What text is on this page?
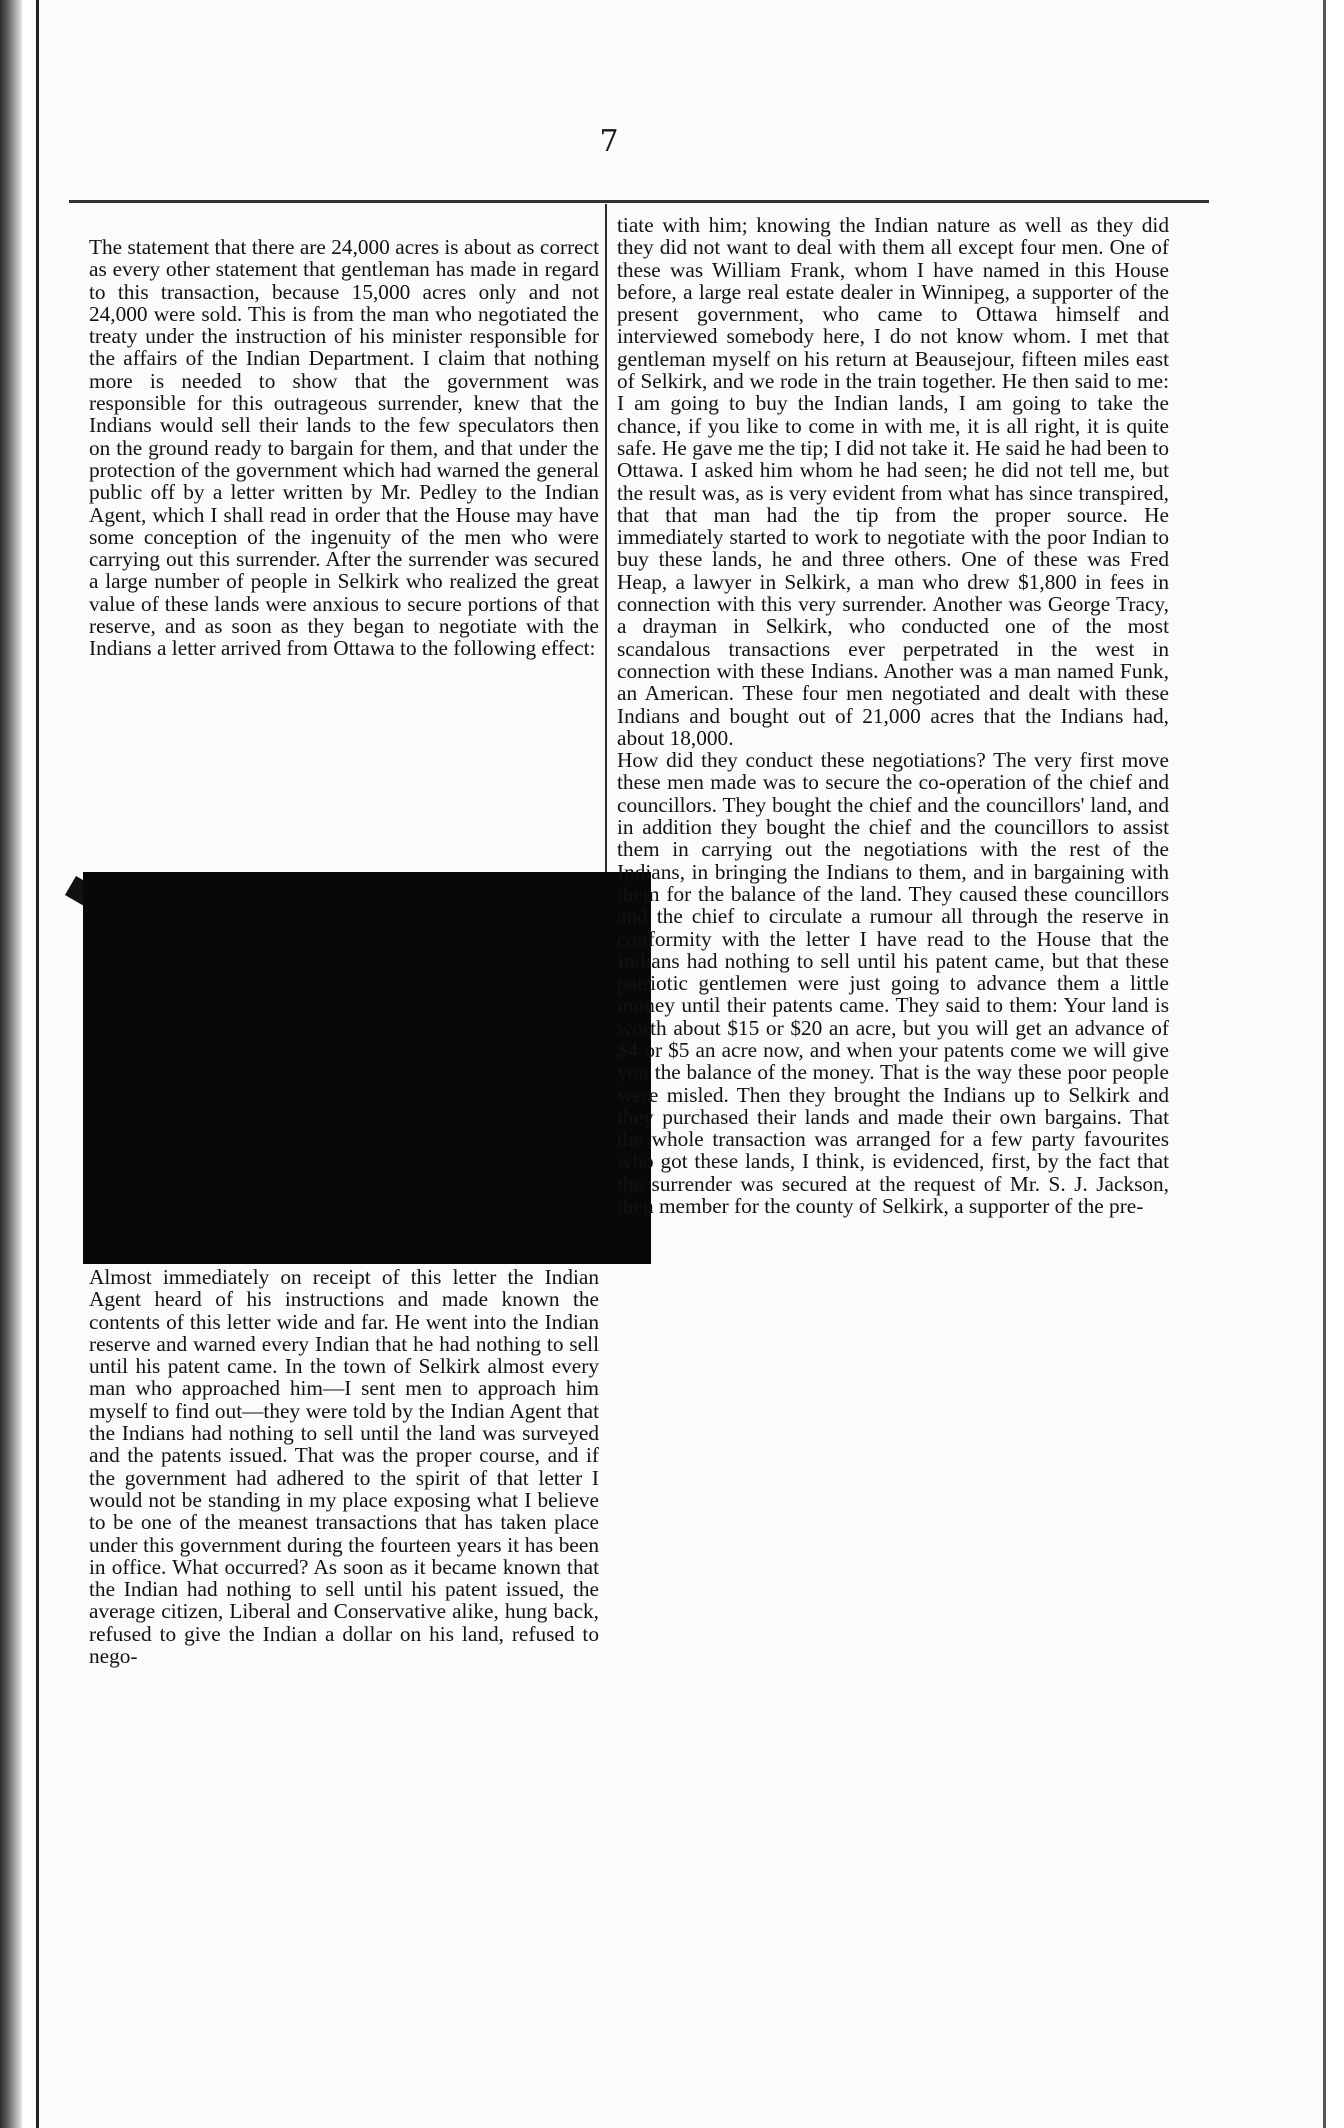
7
The statement that there are 24,000 acres is about as correct as every other statement that gentleman has made in regard to this transaction, because 15,000 acres only and not 24,000 were sold. This is from the man who negotiated the treaty under the instruction of his minister responsible for the affairs of the Indian Department. I claim that nothing more is needed to show that the government was responsible for this outrageous surrender, knew that the Indians would sell their lands to the few speculators then on the ground ready to bargain for them, and that under the protection of the government which had warned the general public off by a letter written by Mr. Pedley to the Indian Agent, which I shall read in order that the House may have some conception of the ingenuity of the men who were carrying out this surrender. After the surrender was secured a large number of people in Selkirk who realized the great value of these lands were anxious to secure portions of that reserve, and as soon as they began to negotiate with the Indians a letter arrived from Ottawa to the following effect:
Almost immediately on receipt of this letter the Indian Agent heard of his instructions and made known the contents of this letter wide and far. He went into the Indian reserve and warned every Indian that he had nothing to sell until his patent came. In the town of Selkirk almost every man who approached him—I sent men to approach him myself to find out—they were told by the Indian Agent that the Indians had nothing to sell until the land was surveyed and the patents issued. That was the proper course, and if the government had adhered to the spirit of that letter I would not be standing in my place exposing what I believe to be one of the meanest transactions that has taken place under this government during the fourteen years it has been in office. What occurred? As soon as it became known that the Indian had nothing to sell until his patent issued, the average citizen, Liberal and Conservative alike, hung back, refused to give the Indian a dollar on his land, refused to nego-
tiate with him; knowing the Indian nature as well as they did they did not want to deal with them all except four men. One of these was William Frank, whom I have named in this House before, a large real estate dealer in Winnipeg, a supporter of the present government, who came to Ottawa himself and interviewed somebody here, I do not know whom. I met that gentleman myself on his return at Beausejour, fifteen miles east of Selkirk, and we rode in the train together. He then said to me: I am going to buy the Indian lands, I am going to take the chance, if you like to come in with me, it is all right, it is quite safe. He gave me the tip; I did not take it. He said he had been to Ottawa. I asked him whom he had seen; he did not tell me, but the result was, as is very evident from what has since transpired, that that man had the tip from the proper source. He immediately started to work to negotiate with the poor Indian to buy these lands, he and three others. One of these was Fred Heap, a lawyer in Selkirk, a man who drew $1,800 in fees in connection with this very surrender. Another was George Tracy, a drayman in Selkirk, who conducted one of the most scandalous transactions ever perpetrated in the west in connection with these Indians. Another was a man named Funk, an American. These four men negotiated and dealt with these Indians and bought out of 21,000 acres that the Indians had, about 18,000.
How did they conduct these negotiations? The very first move these men made was to secure the co-operation of the chief and councillors. They bought the chief and the councillors' land, and in addition they bought the chief and the councillors to assist them in carrying out the negotiations with the rest of the Indians, in bringing the Indians to them, and in bargaining with them for the balance of the land. They caused these councillors and the chief to circulate a rumour all through the reserve in conformity with the letter I have read to the House that the Indians had nothing to sell until his patent came, but that these patriotic gentlemen were just going to advance them a little money until their patents came. They said to them: Your land is worth about $15 or $20 an acre, but you will get an advance of $4 or $5 an acre now, and when your patents come we will give you the balance of the money. That is the way these poor people were misled. Then they brought the Indians up to Selkirk and they purchased their lands and made their own bargains. That the whole transaction was arranged for a few party favourites who got these lands, I think, is evidenced, first, by the fact that the surrender was secured at the request of Mr. S. J. Jackson, then member for the county of Selkirk, a supporter of the pre-
